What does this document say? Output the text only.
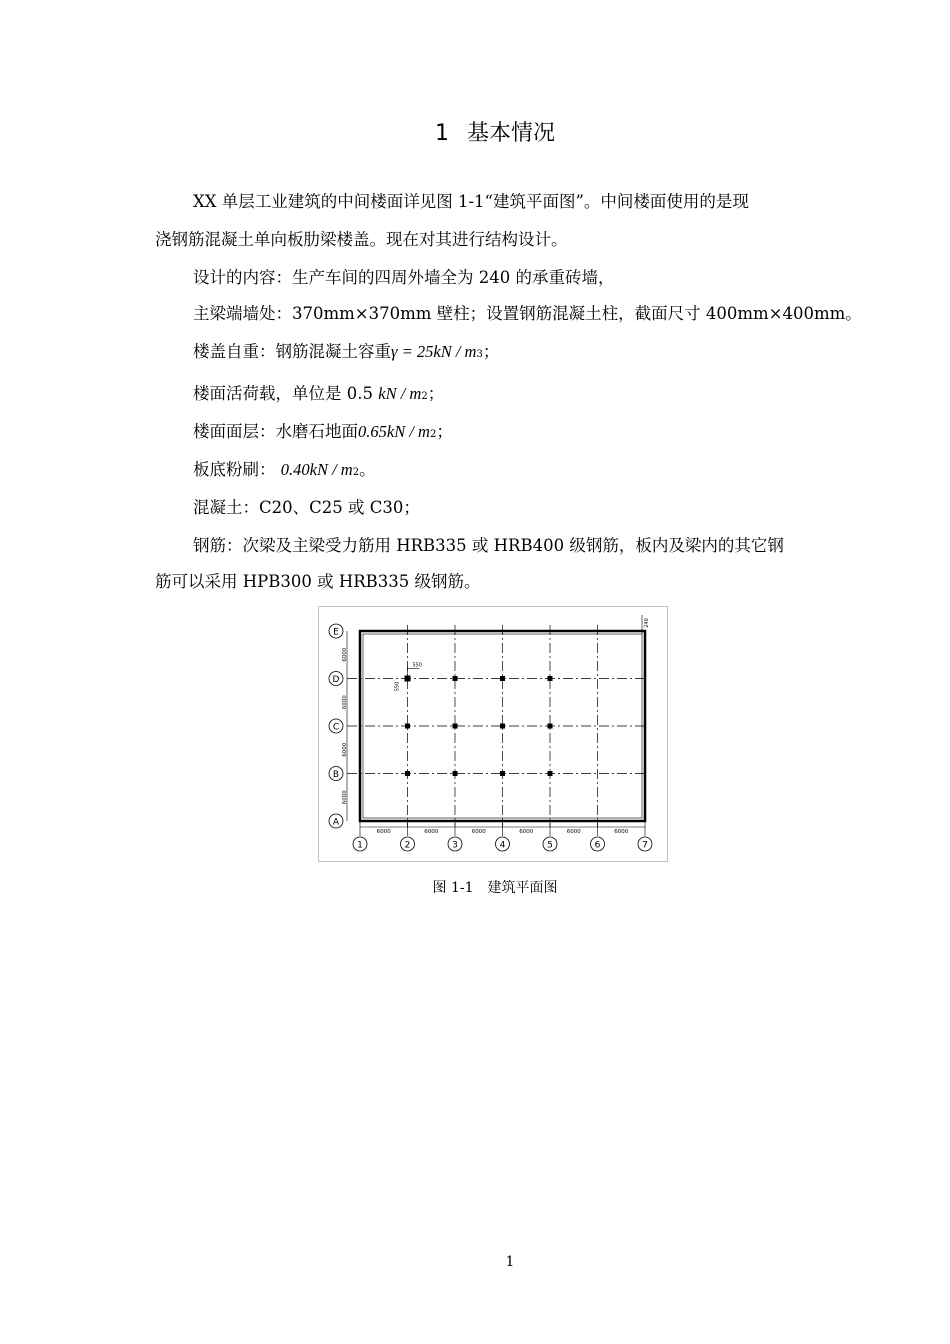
1 基本情况
XX 单层工业建筑的中间楼面详见图 1-1“建筑平面图”。中间楼面使用的是现
浇钢筋混凝土单向板肋梁楼盖。现在对其进行结构设计。
设计的内容：生产车间的四周外墙全为 240 的承重砖墙，
主梁端墙处：370mm×370mm 壁柱；设置钢筋混凝土柱，截面尺寸 400mm×400mm。
楼盖自重：钢筋混凝土容重γ = 25kN / m3；
楼面活荷载，单位是 0.5 kN / m2；
楼面面层：水磨石地面0.65kN / m2；
板底粉刷： 0.40kN / m2。
混凝土：C20、C25 或 C30；
钢筋：次梁及主梁受力筋用 HRB335 或 HRB400 级钢筋，板内及梁内的其它钢
筋可以采用 HPB300 或 HRB335 级钢筋。
6000	6000	6000	6000	6000	6000
6000
6000
6000
6000
1	2	3	4	5	6	7
E
D
C
B
A
550
550
240
图 1-1 建筑平面图
1
